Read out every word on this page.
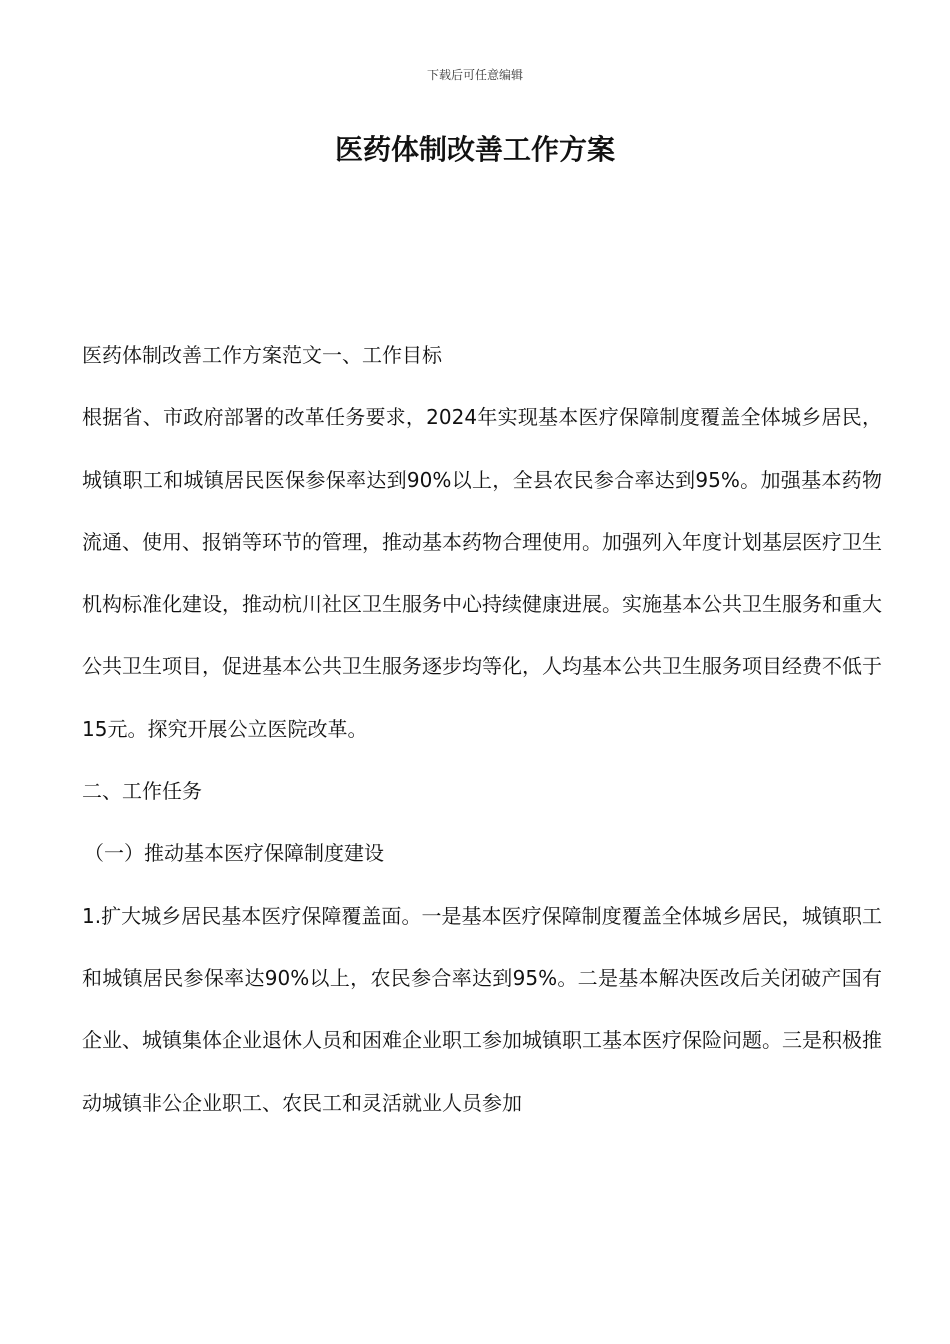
下载后可任意编辑
医药体制改善工作方案

医药体制改善工作方案范文一、工作目标

根据省、市政府部署的改革任务要求，2024年实现基本医疗保障制度覆盖全体城乡居民，城镇职工和城镇居民医保参保率达到90%以上，全县农民参合率达到95%。加强基本药物流通、使用、报销等环节的管理，推动基本药物合理使用。加强列入年度计划基层医疗卫生机构标准化建设，推动杭川社区卫生服务中心持续健康进展。实施基本公共卫生服务和重大公共卫生项目，促进基本公共卫生服务逐步均等化，人均基本公共卫生服务项目经费不低于15元。探究开展公立医院改革。

二、工作任务

（一）推动基本医疗保障制度建设

1.扩大城乡居民基本医疗保障覆盖面。一是基本医疗保障制度覆盖全体城乡居民，城镇职工和城镇居民参保率达90%以上，农民参合率达到95%。二是基本解决医改后关闭破产国有企业、城镇集体企业退休人员和困难企业职工参加城镇职工基本医疗保险问题。三是积极推动城镇非公企业职工、农民工和灵活就业人员参加
